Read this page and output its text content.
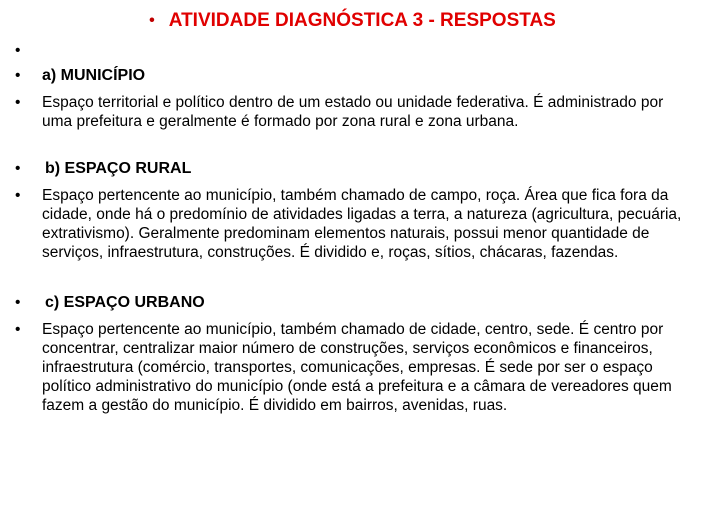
• ATIVIDADE DIAGNÓSTICA 3 - RESPOSTAS
•
•	a) MUNICÍPIO
•	Espaço territorial e político dentro de um estado ou unidade federativa. É administrado por uma prefeitura e geralmente é formado por zona rural e zona urbana.
•	b) ESPAÇO RURAL
•	Espaço pertencente ao município, também chamado de campo, roça. Área que fica fora da cidade, onde há o predomínio de atividades ligadas a terra, a natureza (agricultura, pecuária, extrativismo). Geralmente predominam elementos naturais, possui menor quantidade de serviços, infraestrutura, construções. É dividido e, roças, sítios, chácaras, fazendas.
•	c) ESPAÇO URBANO
•	Espaço pertencente ao município, também chamado de cidade, centro, sede. É centro por concentrar, centralizar maior número de construções, serviços econômicos e financeiros, infraestrutura (comércio, transportes, comunicações, empresas. É sede por ser o espaço político administrativo do município (onde está a prefeitura e a câmara de vereadores quem fazem a gestão do município. É dividido em bairros, avenidas, ruas.
